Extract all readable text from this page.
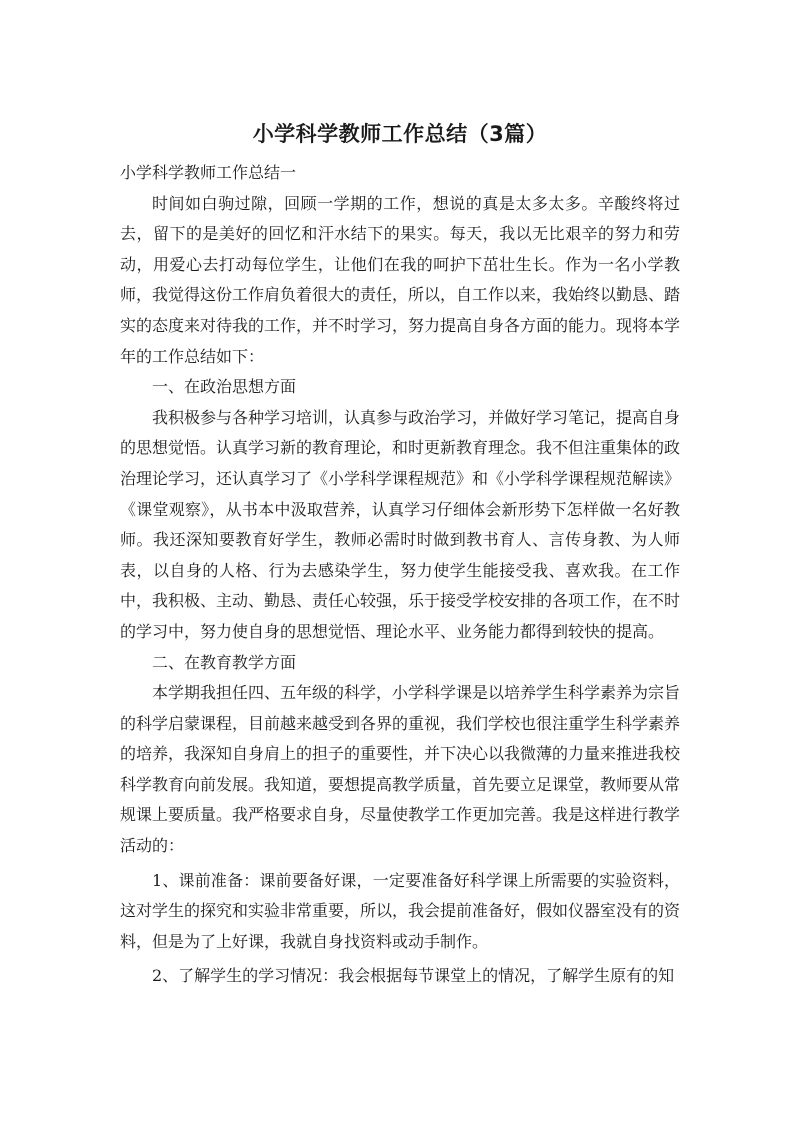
小学科学教师工作总结（3篇）

小学科学教师工作总结一

时间如白驹过隙，回顾一学期的工作，想说的真是太多太多。辛酸终将过去，留下的是美好的回忆和汗水结下的果实。每天，我以无比艰辛的努力和劳动，用爱心去打动每位学生，让他们在我的呵护下茁壮生长。作为一名小学教师，我觉得这份工作肩负着很大的责任，所以，自工作以来，我始终以勤恳、踏实的态度来对待我的工作，并不时学习，努力提高自身各方面的能力。现将本学年的工作总结如下：

一、在政治思想方面

我积极参与各种学习培训，认真参与政治学习，并做好学习笔记，提高自身的思想觉悟。认真学习新的教育理论，和时更新教育理念。我不但注重集体的政治理论学习，还认真学习了《小学科学课程规范》和《小学科学课程规范解读》《课堂观察》，从书本中汲取营养，认真学习仔细体会新形势下怎样做一名好教师。我还深知要教育好学生，教师必需时时做到教书育人、言传身教、为人师表，以自身的人格、行为去感染学生，努力使学生能接受我、喜欢我。在工作中，我积极、主动、勤恳、责任心较强，乐于接受学校安排的各项工作，在不时的学习中，努力使自身的思想觉悟、理论水平、业务能力都得到较快的提高。

二、在教育教学方面

本学期我担任四、五年级的科学，小学科学课是以培养学生科学素养为宗旨的科学启蒙课程，目前越来越受到各界的重视，我们学校也很注重学生科学素养的培养，我深知自身肩上的担子的重要性，并下决心以我微薄的力量来推进我校科学教育向前发展。我知道，要想提高教学质量，首先要立足课堂，教师要从常规课上要质量。我严格要求自身，尽量使教学工作更加完善。我是这样进行教学活动的：

1、课前准备：课前要备好课，一定要准备好科学课上所需要的实验资料，这对学生的探究和实验非常重要，所以，我会提前准备好，假如仪器室没有的资料，但是为了上好课，我就自身找资料或动手制作。

2、了解学生的学习情况：我会根据每节课堂上的情况，了解学生原有的知
